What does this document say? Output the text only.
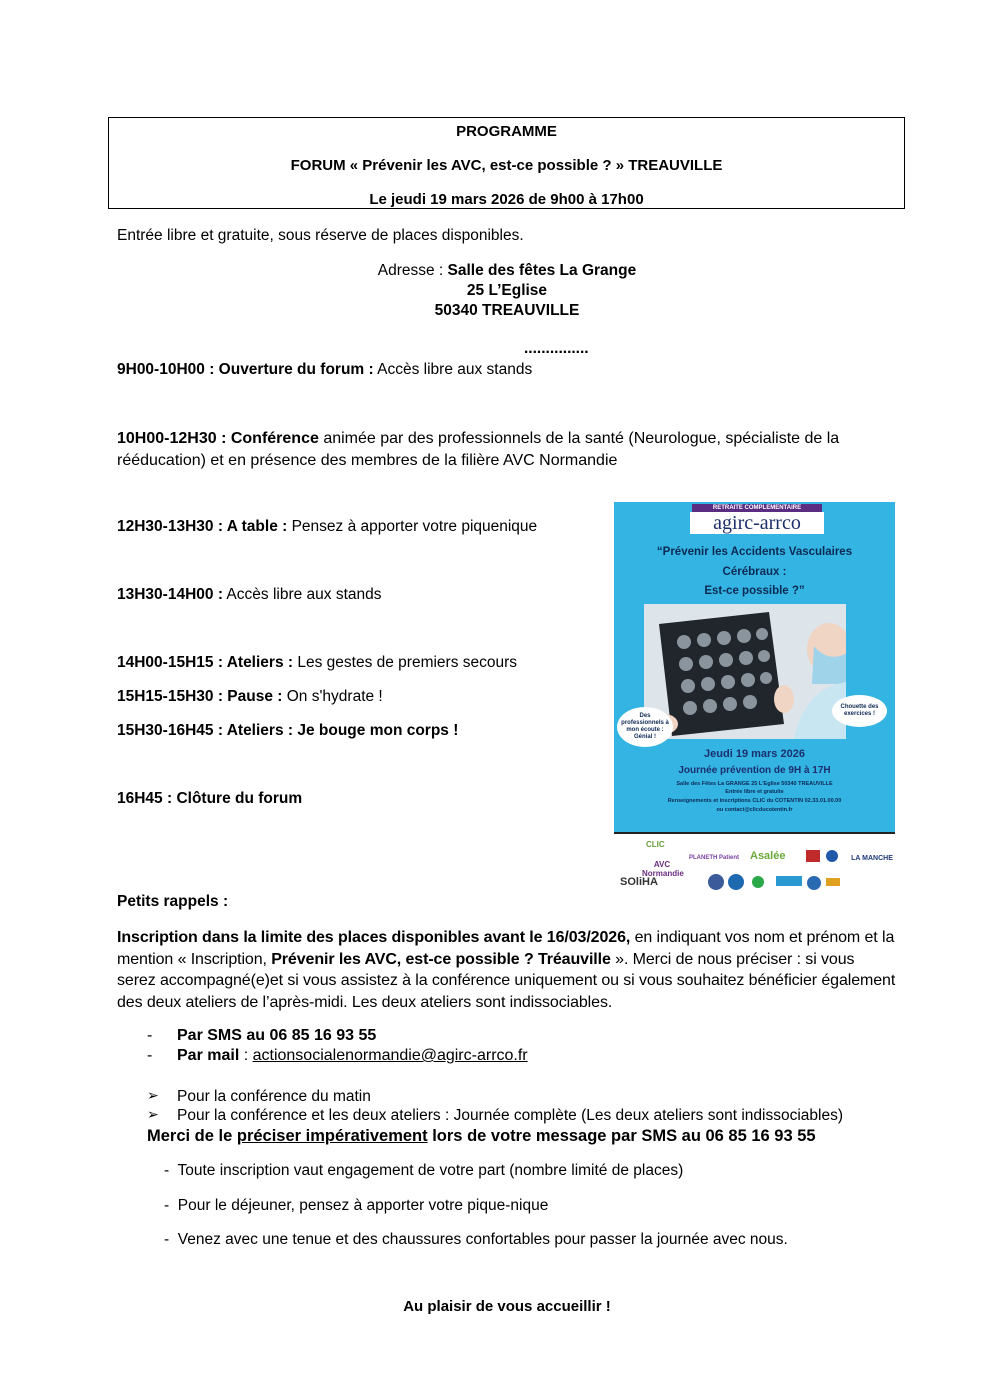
PROGRAMME
FORUM « Prévenir les AVC, est-ce possible ? » TREAUVILLE
Le jeudi 19 mars 2026 de 9h00 à 17h00
Entrée libre et gratuite, sous réserve de places disponibles.
Adresse : Salle des fêtes La Grange
25 L’Eglise
50340 TREAUVILLE
...............
9H00-10H00 : Ouverture du forum : Accès libre aux stands
10H00-12H30 : Conférence animée par des professionnels de la santé (Neurologue, spécialiste de la rééducation) et en présence des membres de la filière AVC Normandie
12H30-13H30 : A table : Pensez à apporter votre piquenique
13H30-14H00 : Accès libre aux stands
14H00-15H15 : Ateliers : Les gestes de premiers secours
15H15-15H30 : Pause : On s'hydrate !
15H30-16H45 : Ateliers : Je bouge mon corps !
16H45 : Clôture du forum
RETRAITE COMPLEMENTAIRE
agirc-arrco
“Prévenir les Accidents Vasculaires
Cérébraux :
Est-ce possible ?”
Des professionnels à mon écoute : Génial !
Chouette des exercices !
Jeudi 19 mars 2026
Journée prévention de 9H à 17H
Salle des Fêtes La GRANGE 25 L'Eglise 50340 TREAUVILLE
Entrée libre et gratuite
Renseignements et inscriptions CLIC du COTENTIN 02.33.01.00.00
ou contact@clicducotentin.fr
CLIC
AVC Normandie
PLANETH Patient	Asalée	LA MANCHE
SOliHA
Petits rappels :
Inscription dans la limite des places disponibles avant le 16/03/2026, en indiquant vos nom et prénom et la mention « Inscription, Prévenir les AVC, est-ce possible ? Tréauville ». Merci de nous préciser : si vous serez accompagné(e)et si vous assistez à la conférence uniquement ou si vous souhaitez bénéficier également des deux ateliers de l’après-midi. Les deux ateliers sont indissociables.
- Par SMS au 06 85 16 93 55
- Par mail : actionsocialenormandie@agirc-arrco.fr
➢ Pour la conférence du matin
➢ Pour la conférence et les deux ateliers : Journée complète (Les deux ateliers sont indissociables)
Merci de le préciser impérativement lors de votre message par SMS au 06 85 16 93 55
-  Toute inscription vaut engagement de votre part (nombre limité de places)
-  Pour le déjeuner, pensez à apporter votre pique-nique
-  Venez avec une tenue et des chaussures confortables pour passer la journée avec nous.
Au plaisir de vous accueillir !
